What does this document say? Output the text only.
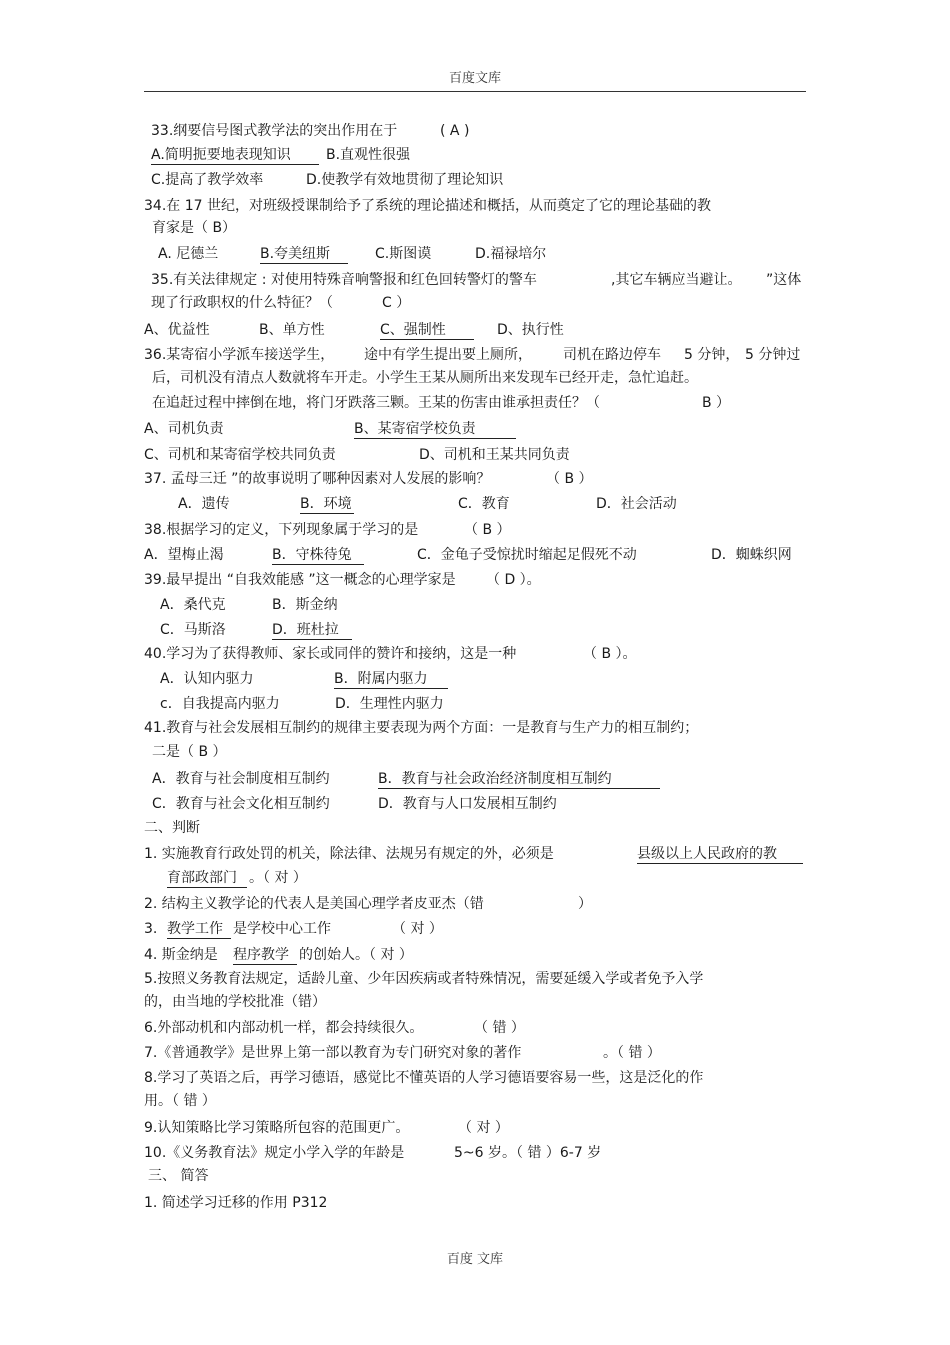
百度文库
33.纲要信号图式教学法的突出作用在于	( A )
A.简明扼要地表现知识	B.直观性很强
C.提高了教学效率	D.使教学有效地贯彻了理论知识
34.在 17 世纪，对班级授课制给予了系统的理论描述和概括，从而奠定了它的理论基础的教
育家是（ B）
A. 尼德兰	B.夸美纽斯	C.斯图谟	D.福禄培尔
35.有关法律规定 : 对使用特殊音响警报和红色回转警灯的警车	,其它车辆应当避让。 ”这体
现了行政职权的什么特征？（	C ）
A、优益性	B、单方性	C、强制性	D、执行性
36.某寄宿小学派车接送学生， 途中有学生提出要上厕所， 司机在路边停车 5 分钟， 5 分钟过
后，司机没有清点人数就将车开走。小学生王某从厕所出来发现车已经开走，急忙追赶。
在追赶过程中摔倒在地，将门牙跌落三颗。王某的伤害由谁承担责任？（	B ）
A、司机负责	B、某寄宿学校负责
C、司机和某寄宿学校共同负责	D、司机和王某共同负责
37. 孟母三迁 ”的故事说明了哪种因素对人发展的影响？	（ B ）
A．遗传	B．环境	C．教育	D．社会活动
38.根据学习的定义，下列现象属于学习的是	（ B ）
A．望梅止渴	B．守株待兔	C．金龟子受惊扰时缩起足假死不动	D．蜘蛛织网
39.最早提出 “自我效能感 ”这一概念的心理学家是 （ D ）。
A．桑代克	B．斯金纳
C．马斯洛	D．班杜拉
40.学习为了获得教师、家长或同伴的赞许和接纳，这是一种	（ B ）。
A．认知内驱力	B．附属内驱力
c．自我提高内驱力	D．生理性内驱力
41.教育与社会发展相互制约的规律主要表现为两个方面：一是教育与生产力的相互制约；
二是（ B ）
A．教育与社会制度相互制约	B．教育与社会政治经济制度相互制约
C．教育与社会文化相互制约	D．教育与人口发展相互制约
二、判断
1. 实施教育行政处罚的机关，除法律、法规另有规定的外，必须是	县级以上人民政府的教
育部政部门 。（ 对 ）
2. 结构主义教学论的代表人是美国心理学者皮亚杰（错	）
3. 教学工作 是学校中心工作	（ 对 ）
4. 斯金纳是 程序教学 的创始人。（ 对 ）
5.按照义务教育法规定，适龄儿童、少年因疾病或者特殊情况，需要延缓入学或者免予入学
的，由当地的学校批准（错）
6.外部动机和内部动机一样，都会持续很久。	（ 错 ）
7.《普通教学》是世界上第一部以教育为专门研究对象的著作	。（ 错 ）
8.学习了英语之后，再学习德语，感觉比不懂英语的人学习德语要容易一些，这是泛化的作
用。（ 错 ）
9.认知策略比学习策略所包容的范围更广。	（ 对 ）
10.《义务教育法》规定小学入学的年龄是	5~6 岁。（ 错 ）6-7 岁
三、 简答
1. 简述学习迁移的作用 P312
百度 文库
